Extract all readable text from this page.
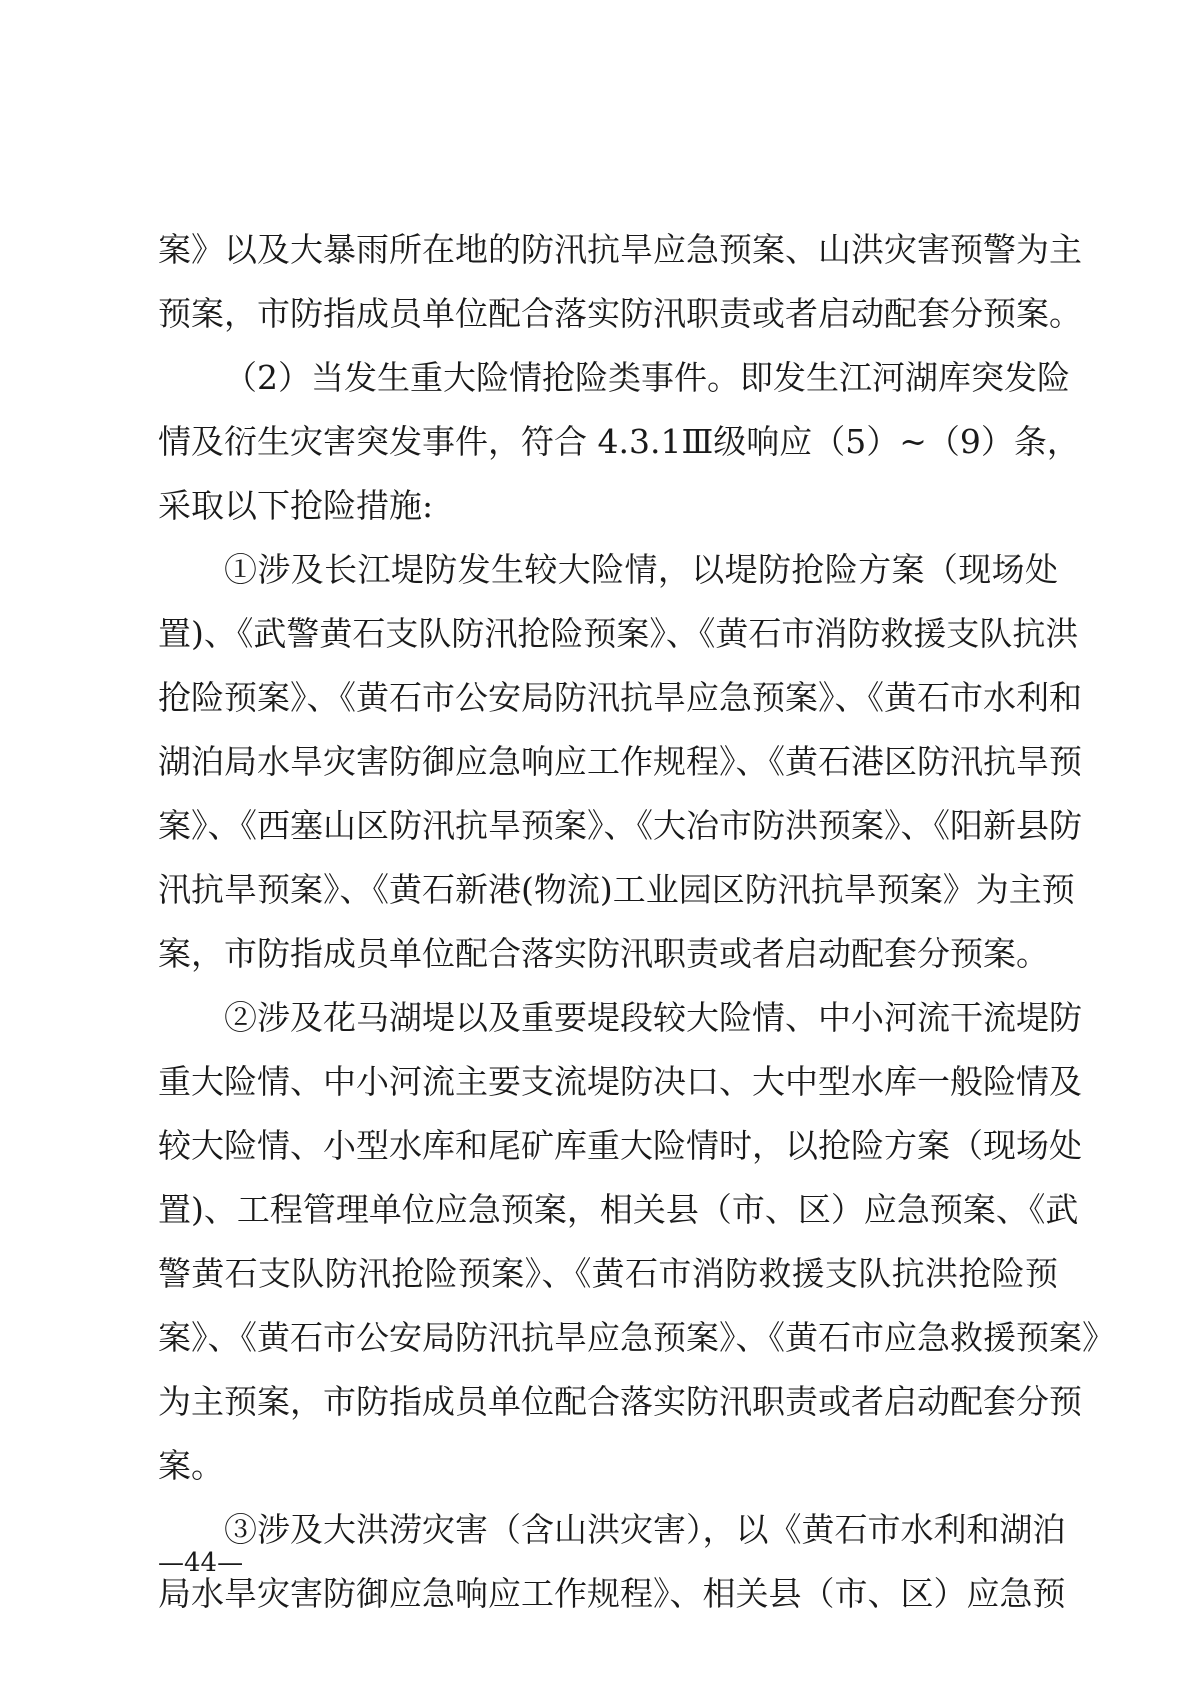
案》以及大暴雨所在地的防汛抗旱应急预案、山洪灾害预警为主
预案，市防指成员单位配合落实防汛职责或者启动配套分预案。
（2）当发生重大险情抢险类事件。即发生江河湖库突发险
情及衍生灾害突发事件，符合 4.3.1Ⅲ级响应（5）~（9）条，
采取以下抢险措施:
①涉及长江堤防发生较大险情，以堤防抢险方案（现场处
置)、《武警黄石支队防汛抢险预案》、《黄石市消防救援支队抗洪
抢险预案》、《黄石市公安局防汛抗旱应急预案》、《黄石市水利和
湖泊局水旱灾害防御应急响应工作规程》、《黄石港区防汛抗旱预
案》、《西塞山区防汛抗旱预案》、《大冶市防洪预案》、《阳新县防
汛抗旱预案》、《黄石新港(物流)工业园区防汛抗旱预案》为主预
案，市防指成员单位配合落实防汛职责或者启动配套分预案。
②涉及花马湖堤以及重要堤段较大险情、中小河流干流堤防
重大险情、中小河流主要支流堤防决口、大中型水库一般险情及
较大险情、小型水库和尾矿库重大险情时，以抢险方案（现场处
置)、工程管理单位应急预案，相关县（市、区）应急预案、《武
警黄石支队防汛抢险预案》、《黄石市消防救援支队抗洪抢险预
案》、《黄石市公安局防汛抗旱应急预案》、《黄石市应急救援预案》
为主预案，市防指成员单位配合落实防汛职责或者启动配套分预
案。
③涉及大洪涝灾害（含山洪灾害），以《黄石市水利和湖泊
局水旱灾害防御应急响应工作规程》、相关县（市、区）应急预
—44—
